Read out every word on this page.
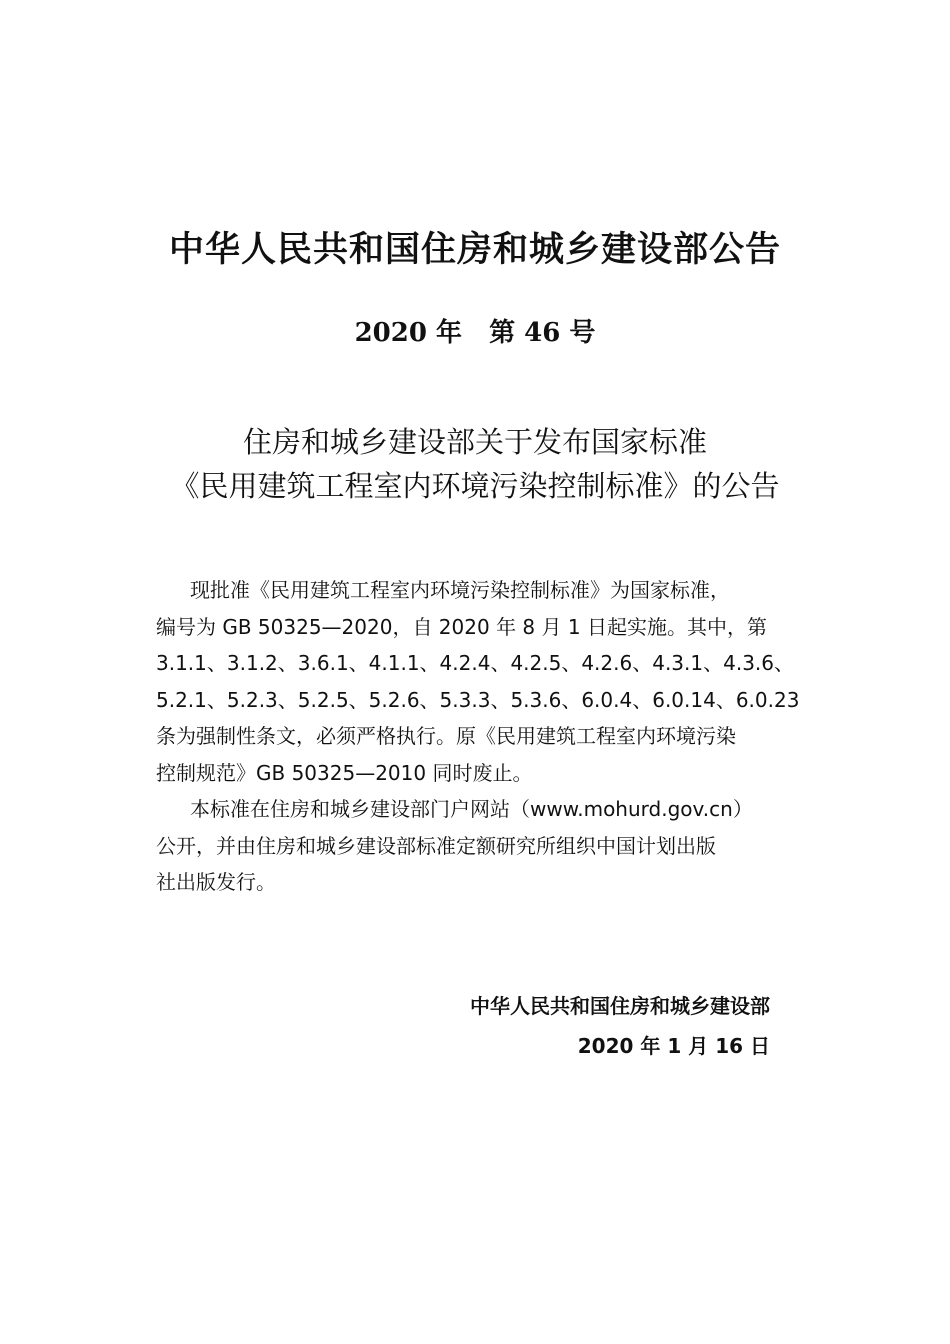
中华人民共和国住房和城乡建设部公告
2020 年   第 46 号
住房和城乡建设部关于发布国家标准
《民用建筑工程室内环境污染控制标准》的公告
现批准《民用建筑工程室内环境污染控制标准》为国家标准，
编号为 GB 50325—2020，自 2020 年 8 月 1 日起实施。其中，第
3.1.1、3.1.2、3.6.1、4.1.1、4.2.4、4.2.5、4.2.6、4.3.1、4.3.6、
5.2.1、5.2.3、5.2.5、5.2.6、5.3.3、5.3.6、6.0.4、6.0.14、6.0.23
条为强制性条文，必须严格执行。原《民用建筑工程室内环境污染
控制规范》GB 50325—2010 同时废止。
本标准在住房和城乡建设部门户网站（www.mohurd.gov.cn）
公开，并由住房和城乡建设部标准定额研究所组织中国计划出版
社出版发行。
中华人民共和国住房和城乡建设部
2020 年 1 月 16 日
